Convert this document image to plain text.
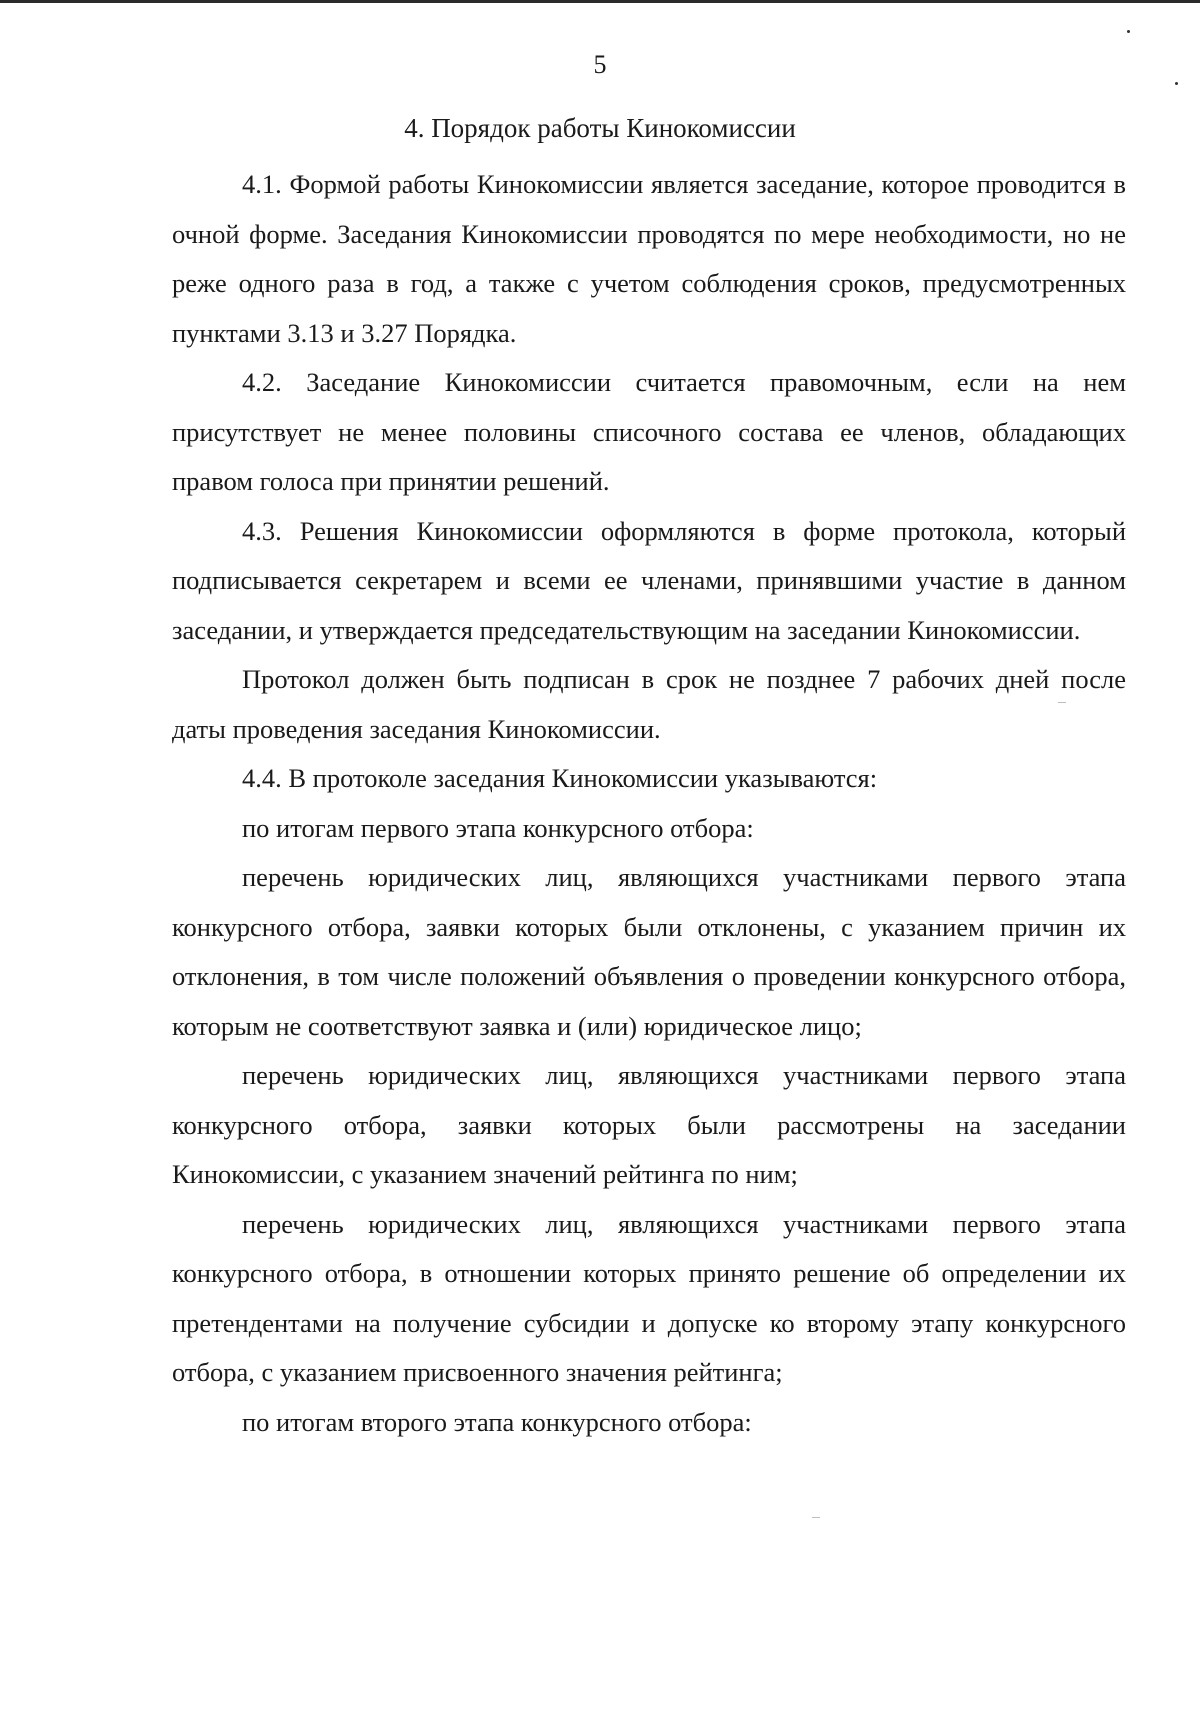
5
4. Порядок работы Кинокомиссии

4.1. Формой работы Кинокомиссии является заседание, которое проводится в очной форме. Заседания Кинокомиссии проводятся по мере необходимости, но не реже одного раза в год, а также с учетом соблюдения сроков, предусмотренных пунктами 3.13 и 3.27 Порядка.

4.2. Заседание Кинокомиссии считается правомочным, если на нем присутствует не менее половины списочного состава ее членов, обладающих правом голоса при принятии решений.

4.3. Решения Кинокомиссии оформляются в форме протокола, который подписывается секретарем и всеми ее членами, принявшими участие в данном заседании, и утверждается председательствующим на заседании Кинокомиссии.

Протокол должен быть подписан в срок не позднее 7 рабочих дней после даты проведения заседания Кинокомиссии.

4.4. В протоколе заседания Кинокомиссии указываются:

по итогам первого этапа конкурсного отбора:

перечень юридических лиц, являющихся участниками первого этапа конкурсного отбора, заявки которых были отклонены, с указанием причин их отклонения, в том числе положений объявления о проведении конкурсного отбора, которым не соответствуют заявка и (или) юридическое лицо;

перечень юридических лиц, являющихся участниками первого этапа конкурсного отбора, заявки которых были рассмотрены на заседании Кинокомиссии, с указанием значений рейтинга по ним;

перечень юридических лиц, являющихся участниками первого этапа конкурсного отбора, в отношении которых принято решение об определении их претендентами на получение субсидии и допуске ко второму этапу конкурсного отбора, с указанием присвоенного значения рейтинга;

по итогам второго этапа конкурсного отбора:
